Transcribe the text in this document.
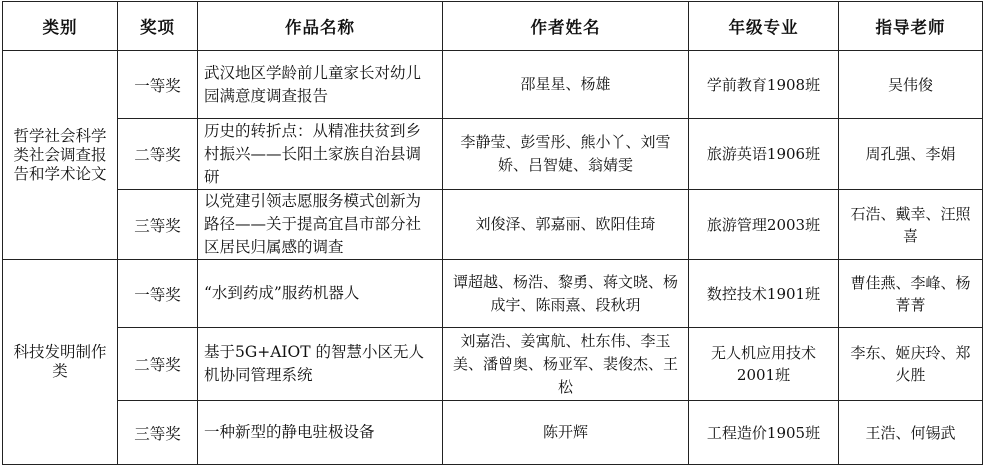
类别	奖项	作品名称	作者姓名	年级专业	指导老师
哲学社会科学类社会调查报告和学术论文	一等奖	武汉地区学龄前儿童家长对幼儿园满意度调查报告	邵星星、杨雄	学前教育1908班	吴伟俊
	二等奖	历史的转折点：从精准扶贫到乡村振兴——长阳土家族自治县调研	李静莹、彭雪彤、熊小丫、刘雪娇、吕智婕、翁婧雯	旅游英语1906班	周孔强、李娟
	三等奖	以党建引领志愿服务模式创新为路径——关于提高宜昌市部分社区居民归属感的调查	刘俊泽、郭嘉丽、欧阳佳琦	旅游管理2003班	石浩、戴幸、汪照喜
科技发明制作类	一等奖	“水到药成”服药机器人	谭超越、杨浩、黎勇、蒋文晓、杨成宇、陈雨熹、段秋玥	数控技术1901班	曹佳燕、李峰、杨菁菁
	二等奖	基于5G+AIOT 的智慧小区无人机协同管理系统	刘嘉浩、姜寓航、杜东伟、李玉美、潘曾奥、杨亚军、裴俊杰、王松	无人机应用技术2001班	李东、姬庆玲、郑火胜
	三等奖	一种新型的静电驻极设备	陈开辉	工程造价1905班	王浩、何锡武
